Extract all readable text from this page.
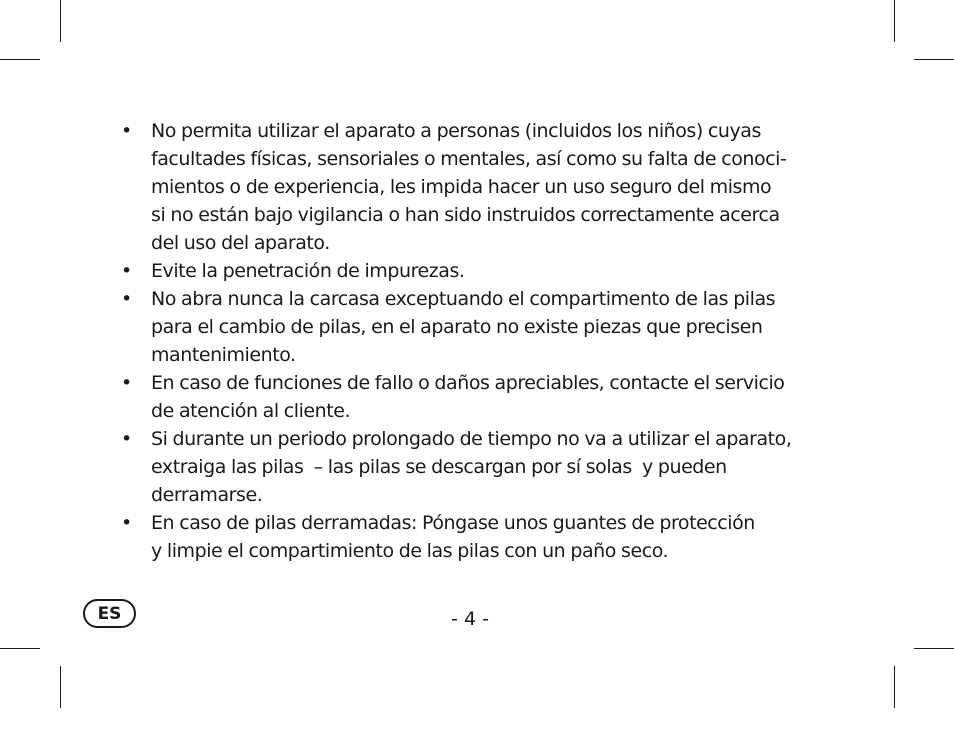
• No permita utilizar el aparato a personas (incluidos los niños) cuyas
facultades físicas, sensoriales o mentales, así como su falta de conoci-
mientos o de experiencia, les impida hacer un uso seguro del mismo
si no están bajo vigilancia o han sido instruidos correctamente acerca
del uso del aparato.
• Evite la penetración de impurezas.
• No abra nunca la carcasa exceptuando el compartimento de las pilas
para el cambio de pilas, en el aparato no existe piezas que precisen
mantenimiento.
• En caso de funciones de fallo o daños apreciables, contacte el servicio
de atención al cliente.
• Si durante un periodo prolongado de tiempo no va a utilizar el aparato,
extraiga las pilas  – las pilas se descargan por sí solas  y pueden
derramarse.
• En caso de pilas derramadas: Póngase unos guantes de protección
y limpie el compartimiento de las pilas con un paño seco.
ES	- 4 -
